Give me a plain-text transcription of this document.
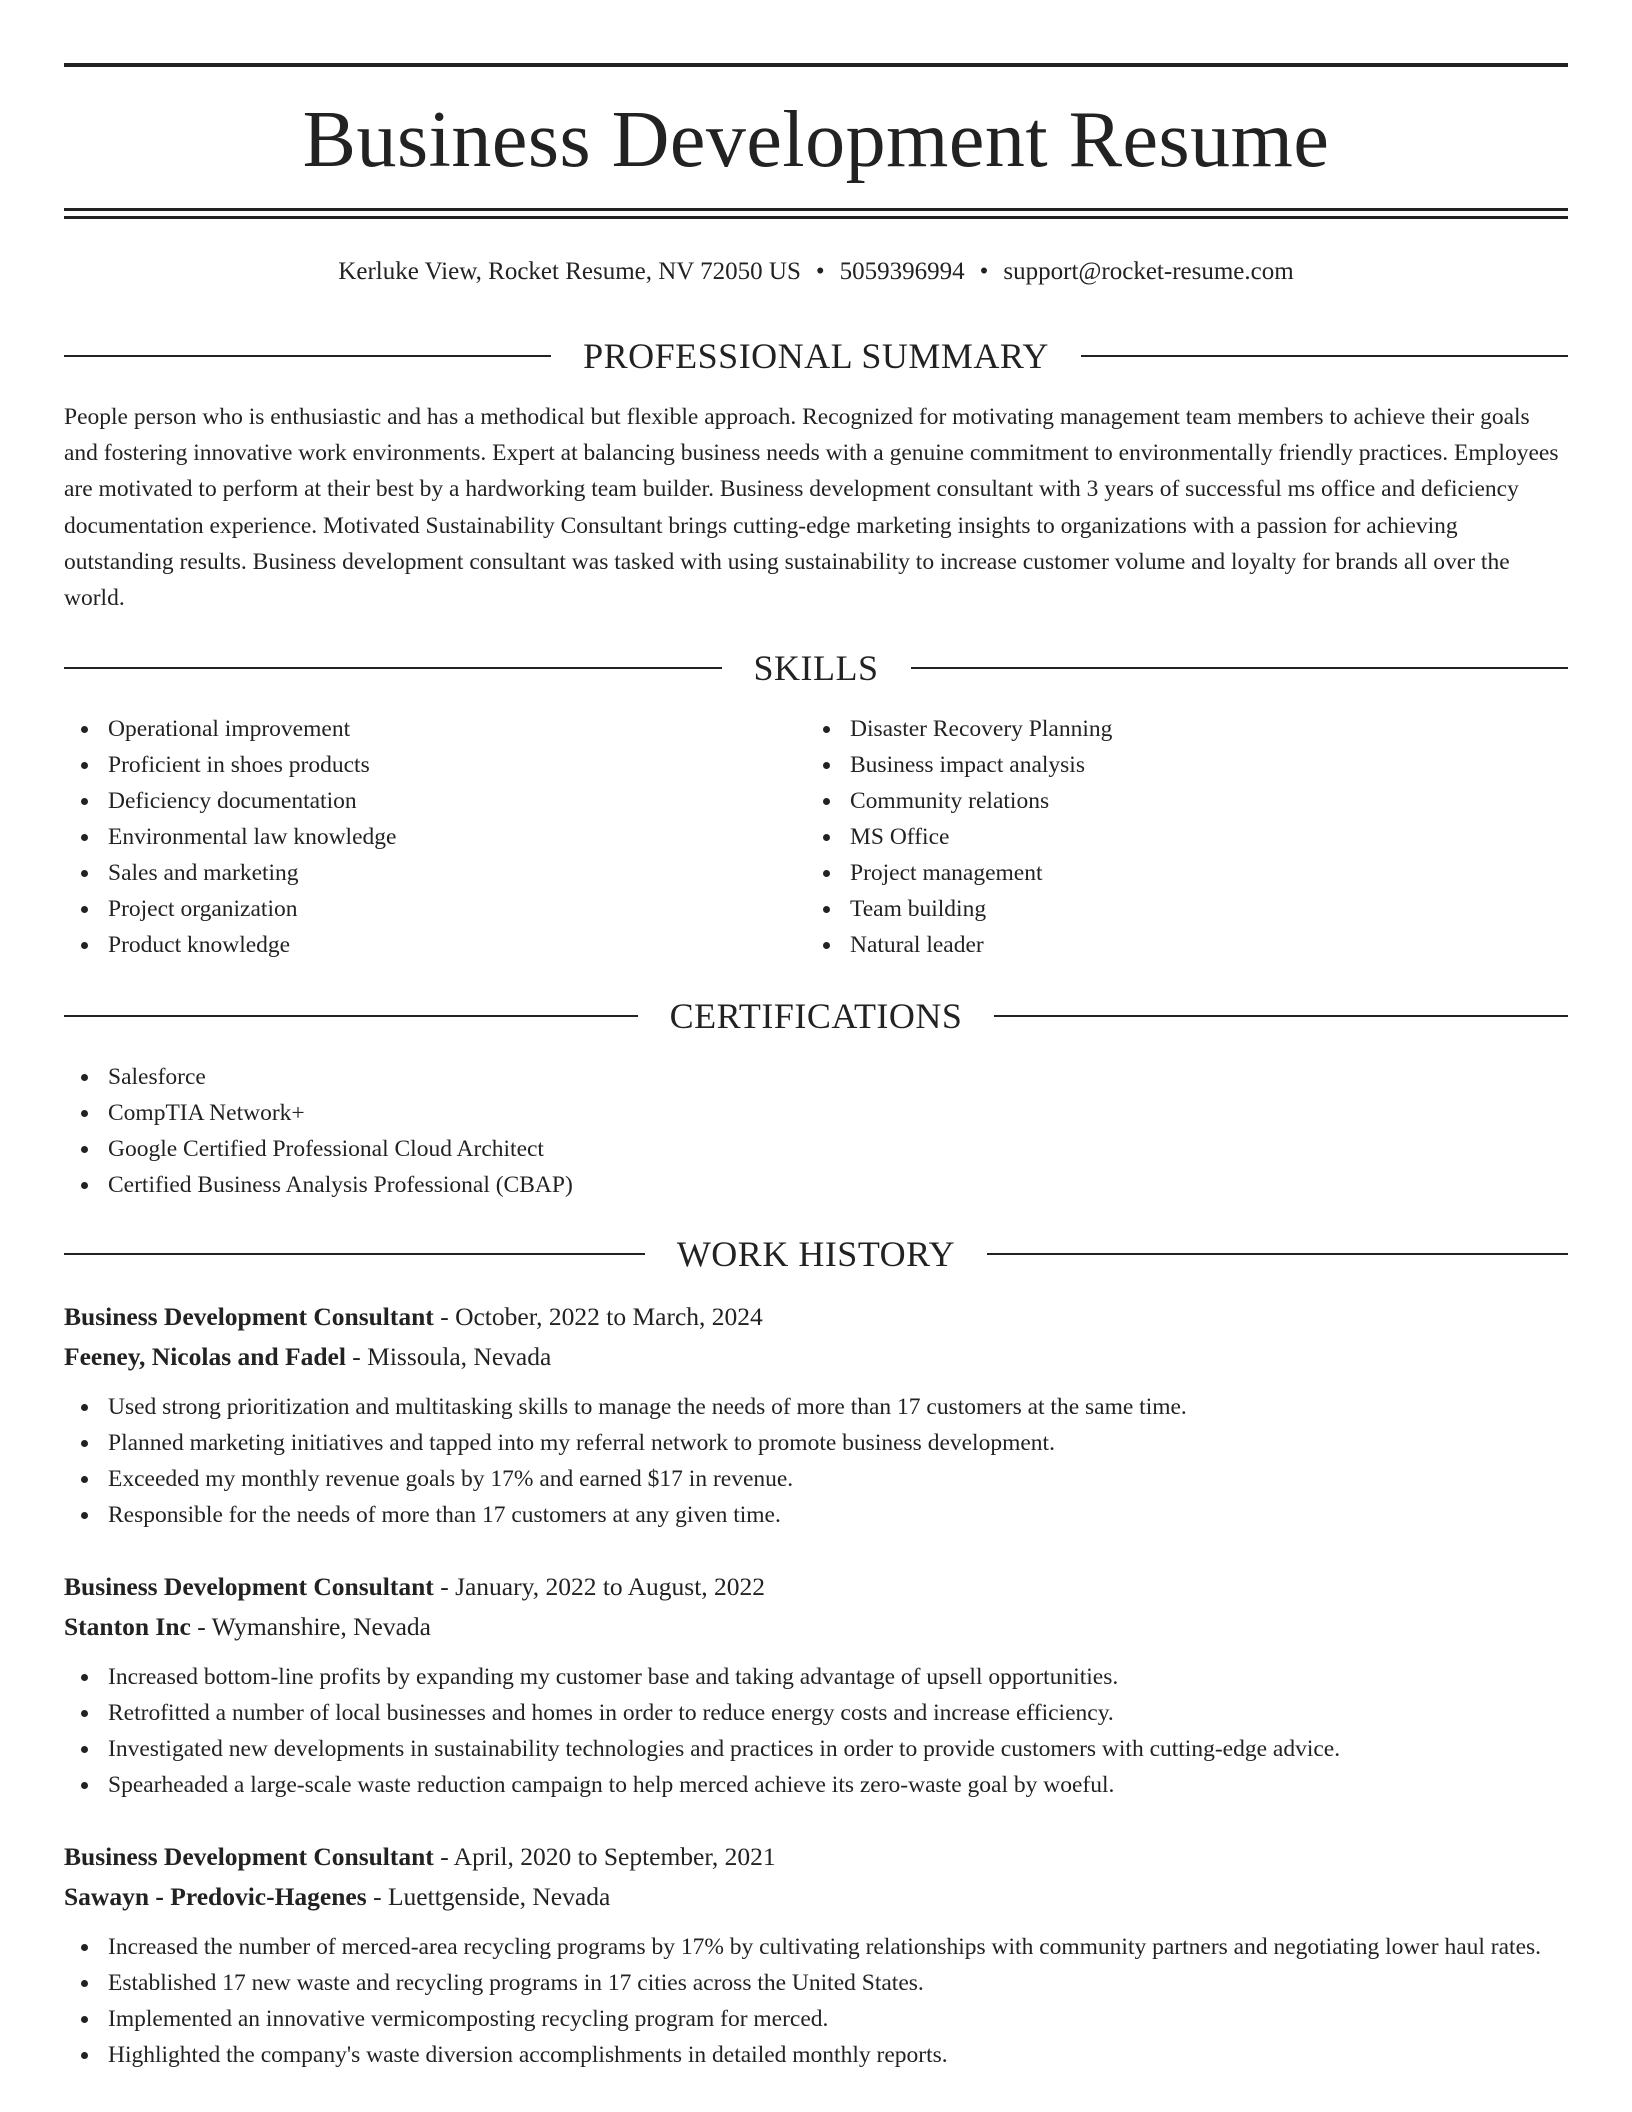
Business Development Resume
Kerluke View, Rocket Resume, NV 72050 US • 5059396994 • support@rocket-resume.com
PROFESSIONAL SUMMARY
People person who is enthusiastic and has a methodical but flexible approach. Recognized for motivating management team members to achieve their goals and fostering innovative work environments. Expert at balancing business needs with a genuine commitment to environmentally friendly practices. Employees are motivated to perform at their best by a hardworking team builder. Business development consultant with 3 years of successful ms office and deficiency documentation experience. Motivated Sustainability Consultant brings cutting-edge marketing insights to organizations with a passion for achieving outstanding results. Business development consultant was tasked with using sustainability to increase customer volume and loyalty for brands all over the world.
SKILLS
Operational improvement
Proficient in shoes products
Deficiency documentation
Environmental law knowledge
Sales and marketing
Project organization
Product knowledge
Disaster Recovery Planning
Business impact analysis
Community relations
MS Office
Project management
Team building
Natural leader
CERTIFICATIONS
Salesforce
CompTIA Network+
Google Certified Professional Cloud Architect
Certified Business Analysis Professional (CBAP)
WORK HISTORY
Business Development Consultant - October, 2022 to March, 2024
Feeney, Nicolas and Fadel - Missoula, Nevada
Used strong prioritization and multitasking skills to manage the needs of more than 17 customers at the same time.
Planned marketing initiatives and tapped into my referral network to promote business development.
Exceeded my monthly revenue goals by 17% and earned $17 in revenue.
Responsible for the needs of more than 17 customers at any given time.
Business Development Consultant - January, 2022 to August, 2022
Stanton Inc - Wymanshire, Nevada
Increased bottom-line profits by expanding my customer base and taking advantage of upsell opportunities.
Retrofitted a number of local businesses and homes in order to reduce energy costs and increase efficiency.
Investigated new developments in sustainability technologies and practices in order to provide customers with cutting-edge advice.
Spearheaded a large-scale waste reduction campaign to help merced achieve its zero-waste goal by woeful.
Business Development Consultant - April, 2020 to September, 2021
Sawayn - Predovic-Hagenes - Luettgenside, Nevada
Increased the number of merced-area recycling programs by 17% by cultivating relationships with community partners and negotiating lower haul rates.
Established 17 new waste and recycling programs in 17 cities across the United States.
Implemented an innovative vermicomposting recycling program for merced.
Highlighted the company's waste diversion accomplishments in detailed monthly reports.
